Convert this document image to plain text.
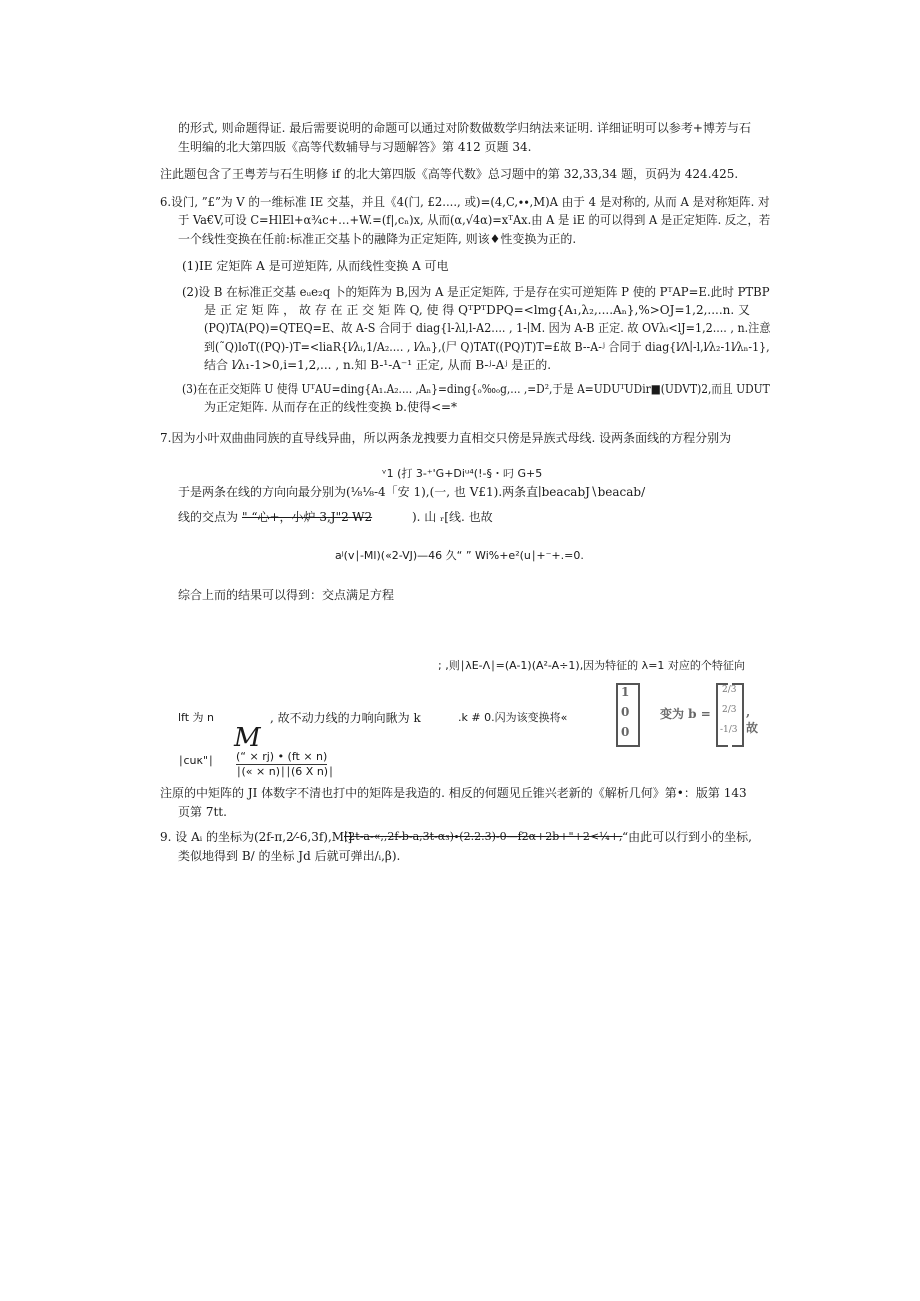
的形式, 则命题得证. 最后需要说明的命题可以通过对阶数做数学归纳法来证明. 详细证明可以参考+博芳与石
生明编的北大第四版《高等代数辅导与习题解答》第 412 页题 34.
注此题包含了王粤芳与石生明修 if 的北大第四版《高等代数》总习题中的第 32,33,34 题，页码为 424.425.
6.设门, ”£”为 V 的一维标准 IE 交基，并且《4(门, £2...., 或)=(4,C,∙∙,M)A 由于 4 是对称的, 从而 A 是对称矩阵. 对
于 Va€V,可设 C=HlEl+α¾c+…+W.=(f|,cₙ)x, 从而(α,√4α)=xᵀAx.由 A 是 iE 的可以得到 A 是正定矩阵. 反之，若
一个线性变换在任前:标准正交基卜的融降为正定矩阵, 则该♦性变换为正的.
(1)IE 定矩阵 A 是可逆矩阵, 从而线性变换 A 可电
(2)设 B 在标准正交基 eᵤe₂q 卜的矩阵为 B,因为 A 是正定矩阵, 于是存在实可逆矩阵 P 使的 PᵀAP=E.此时 PTBP
是 正 定 矩 阵 ， 故 存 在 正 交 矩 阵 Q, 使 得 QᵀPᵀDPQ=<lmg{A₁,λ₂,....Aₙ},%>OJ=1,2,....n. 又
(PQ)TA(PQ)=QTEQ=E、故 A-S 合同于 diag{l-λl,l-A2.... , 1-∣M. 因为 A-B 正定. 故 OVλᵢ<lJ=1,2.... , n.注意
到(˜Q)loT((PQ)-)T=<liaR{l⁄λᵢ,1/A₂.... , l⁄λₙ},(尸 Q)TAT((PQ)T)T=£故 B--A-ʲ 合同于 diag{l⁄Λ∣-l,l⁄λ₂-1l⁄λₙ-1},
结合 l⁄λ₁-1>0,i=1,2,... , n.知 B-¹-A⁻¹ 正定, 从而 B-ʲ-Aʲ 是正的.
(3)在在正交矩阵 U 使得 UᵀAU=ding{A₁.A₂.... ,Aₙ}=ding{ₒ‰ₒg,... ,=D²,于是 A=UDUᵀUDir■(UDVT)2,而且 UDUT
为正定矩阵. 从而存在正的线性变换 b.使得<=*
7.因为小叶双曲曲同族的直导线异曲，所以两条龙拽要力直相交只傍是异族式母线. 设两条面线的方程分别为
ᵛ1 (打 3-⁺'G+Diᵘ⁴(!-§・叼 G+5
于是两条在线的方向向最分别为(⅛⅛-4「安 1),(一, 也 V£1).两条直∣beacabJ∖beacab/
线的交点为 " “心+，小炉 3,J"2-W2	). 山 ᵣ[线. 也故
aʲ(v∣-Ml)(«2-VJ)—46 久“ ” Wi%+e²(u∣+⁻+.=0.
综合上而的结果可以得到：交点满足方程
; ,则∣λE-Λ∣=(A-1)(A²-A÷1),因为特征的 λ=1 对应的个特征向
lft 为 n	, 故不动力线的力响向瞅为 k	.k # 0.闪为该变换将«
1
0
0
变为 b =
2/3
2/3
-1/3
, 故
M
∣cuκ"∣ (“ × rj) • (ft × n)
∣(« × n)∣∣(6 X n)∣
注原的中矩阵的 JI 体数字不清也打中的矩阵是我造的. 相反的何题见丘锥兴老新的《解析几何》第•：版第 143
页第 7tt.
9. 设 Aᵢ 的坐标为(2f-π,2⁄-6,3f),M∣]
(2t-a-«,,2f-b-a,3t-α₃)∙(2.2.3)-0—f2α+2b+"+2<¼+, “由此可以行到小的坐标,
类似地得到 B/ 的坐标 Jd 后就可弹出/ᵢ,β).
